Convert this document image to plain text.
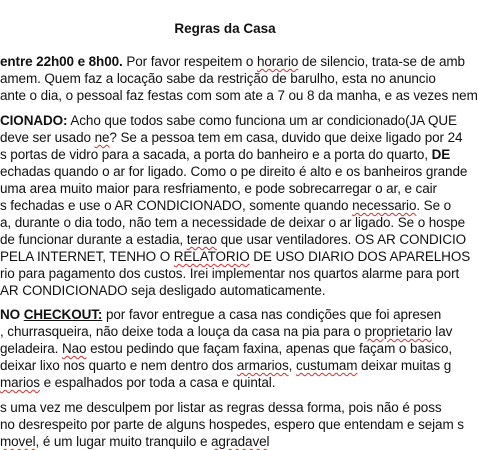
Regras da Casa
entre 22h00 e 8h00. Por favor respeitem o horario de silencio, trata-se de amb
amem. Quem faz a locação sabe da restrição de barulho, esta no anuncio
ante o dia, o pessoal faz festas com som ate a 7 ou 8 da manha, e as vezes nem
CIONADO: Acho que todos sabe como funciona um ar condicionado(JA QUE
deve ser usado ne? Se a pessoa tem em casa, duvido que deixe ligado por 24
s portas de vidro para a sacada, a porta do banheiro e a porta do quarto, DE
echadas quando o ar for ligado. Como o pe direito é alto e os banheiros grande
uma area muito maior para resfriamento, e pode sobrecarregar o ar, e cair
s fechadas e use o AR CONDICIONADO, somente quando necessario. Se o
a, durante o dia todo, não tem a necessidade de deixar o ar ligado. Se o hospe
de funcionar durante a estadia, terao que usar ventiladores. OS AR CONDICIO
PELA INTERNET, TENHO O RELATORIO DE USO DIARIO DOS APARELHOS
rio para pagamento dos custos. Irei implementar nos quartos alarme para port
AR CONDICIONADO seja desligado automaticamente.
NO CHECKOUT: por favor entregue a casa nas condições que foi apresen
, churrasqueira, não deixe toda a louça da casa na pia para o proprietario lav
geladeira. Nao estou pedindo que façam faxina, apenas que façam o basico,
deixar lixo nos quarto e nem dentro dos armarios, custumam deixar muitas g
marios e espalhados por toda a casa e quintal.
s uma vez me desculpem por listar as regras dessa forma, pois não é poss
no desrespeito por parte de alguns hospedes, espero que entendam e sejam s
movel, é um lugar muito tranquilo e agradavel
